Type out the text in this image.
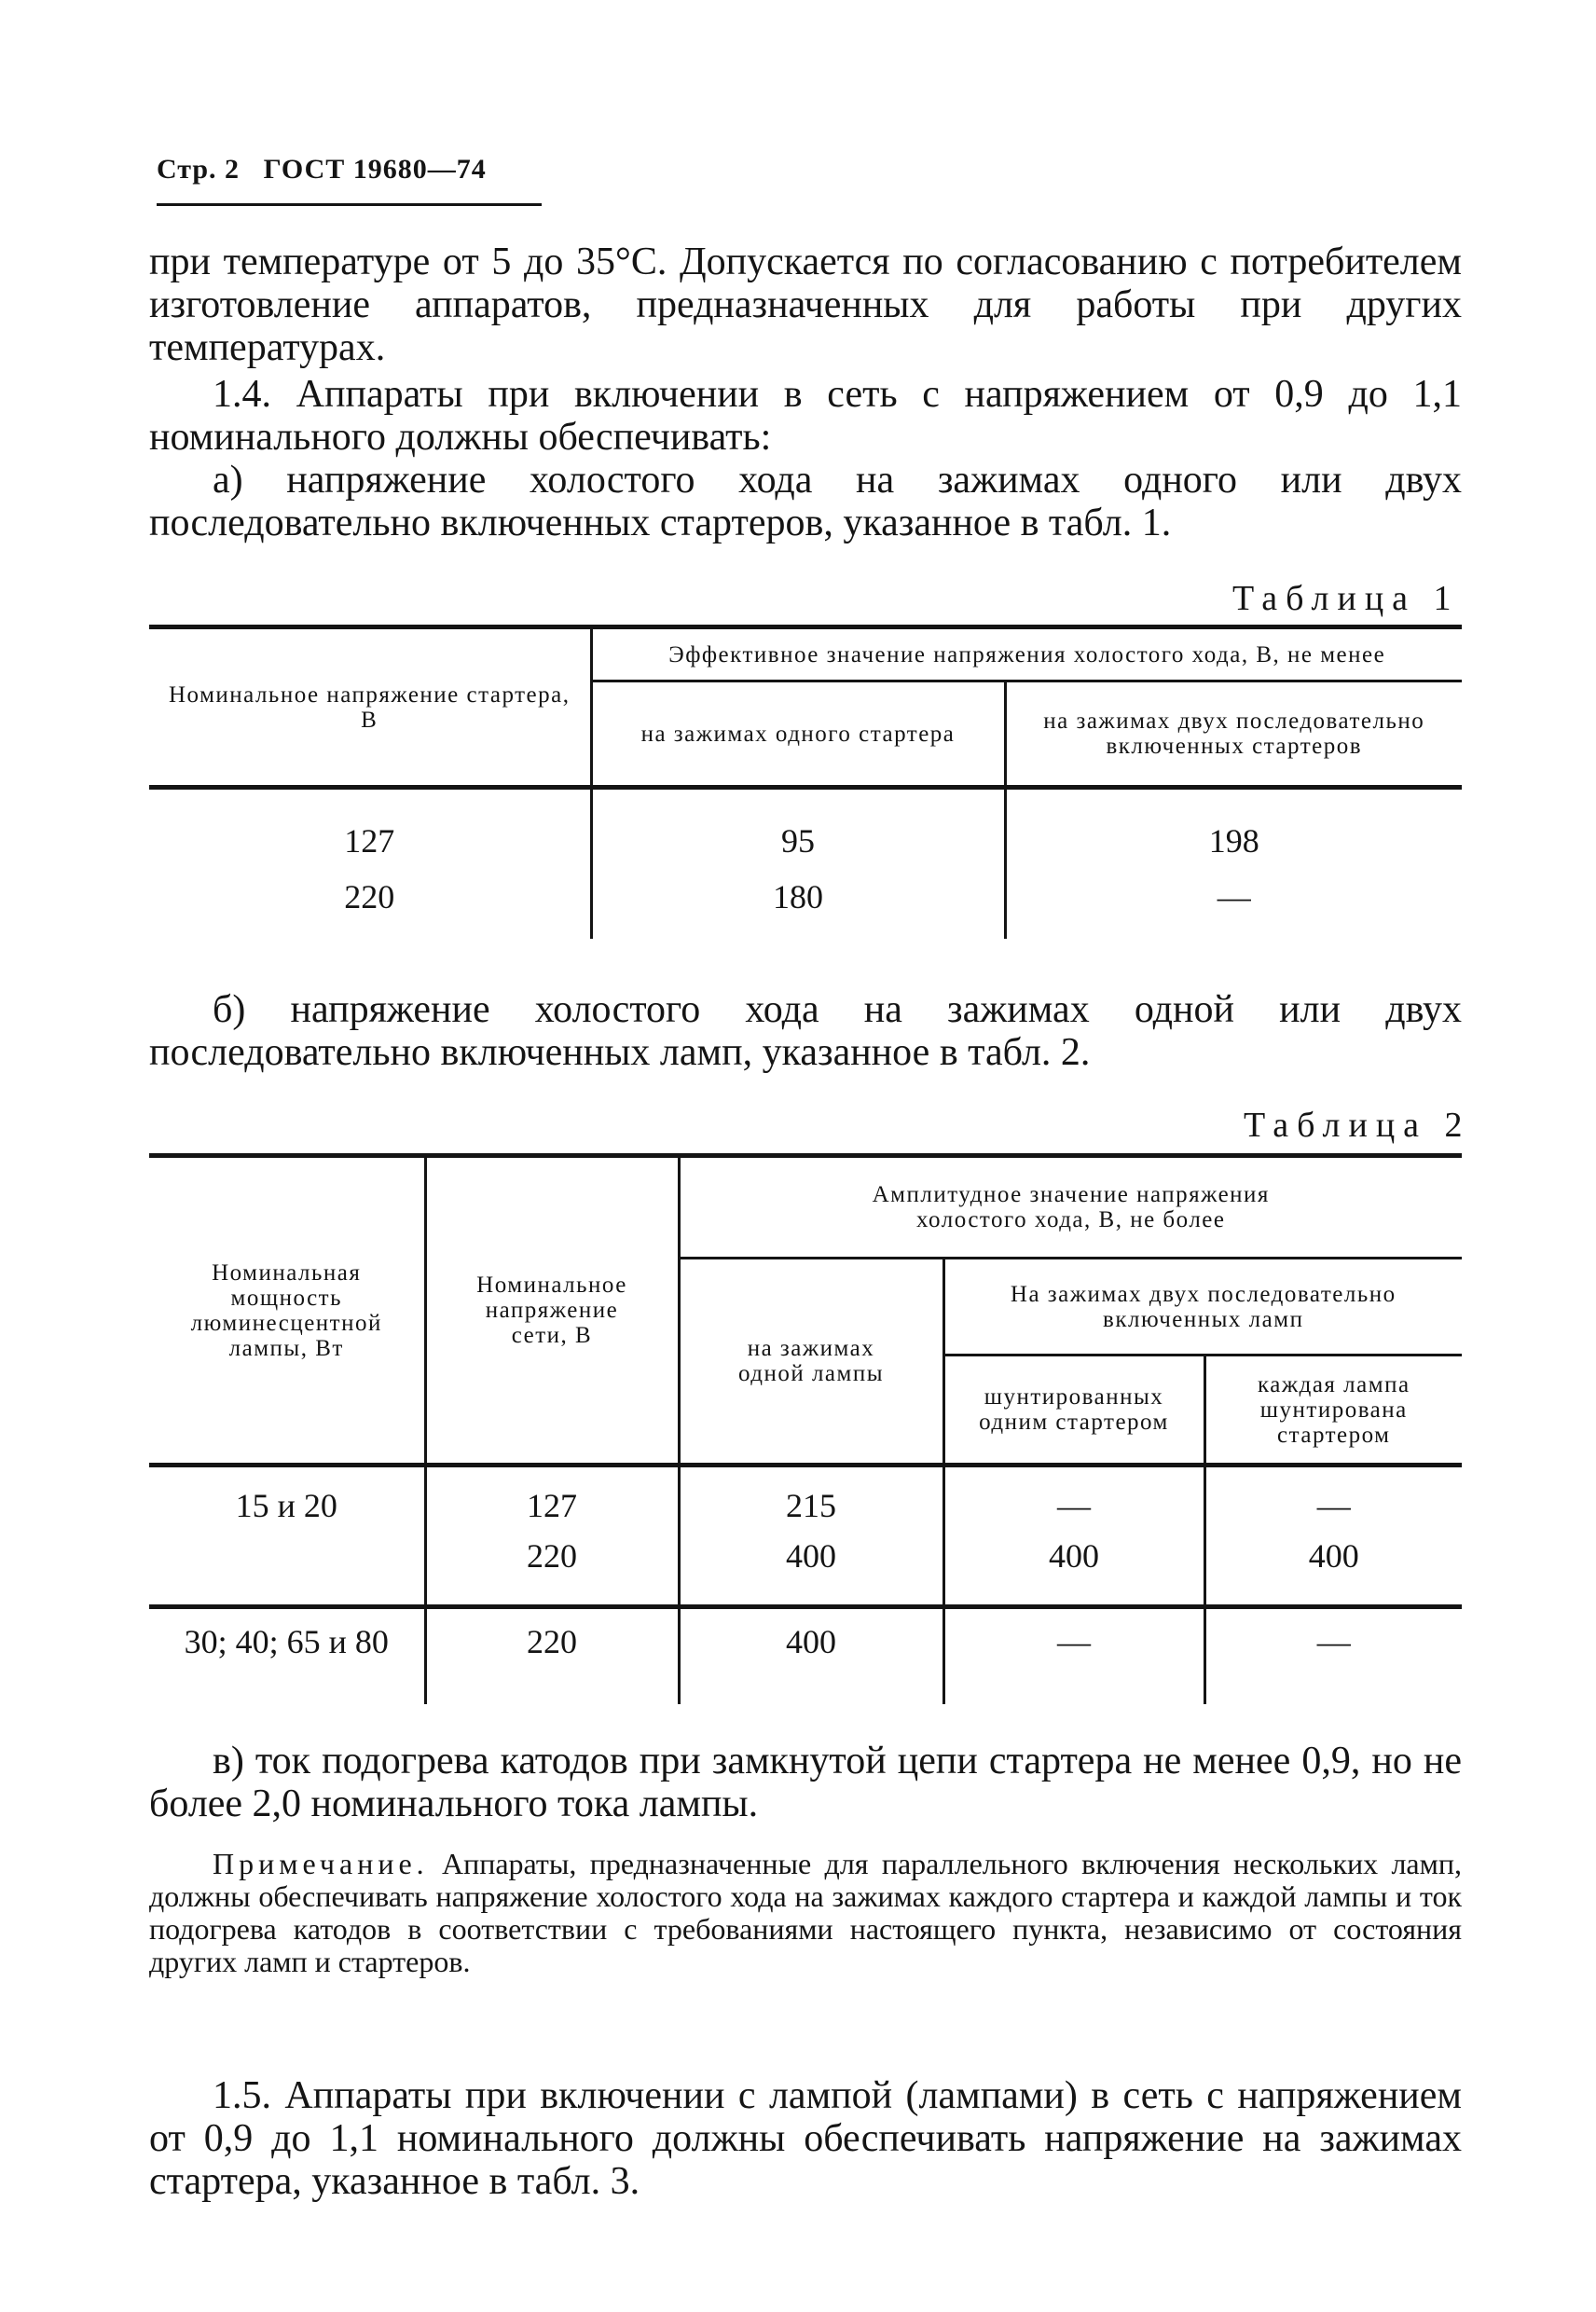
Стр. 2 ГОСТ 19680—74
при температуре от 5 до 35°С. Допускается по согласованию с потребителем изготовление аппаратов, предназначенных для работы при других температурах.
1.4. Аппараты при включении в сеть с напряжением от 0,9 до 1,1 номинального должны обеспечивать:
а) напряжение холостого хода на зажимах одного или двух последовательно включенных стартеров, указанное в табл. 1.
Таблица 1
Номинальное напряжение стартера, В	Эффективное значение напряжения холостого хода, В, не менее	
	на зажимах одного стартера	на зажимах двух последовательно включенных стартеров
127	95	198
220	180	—
б) напряжение холостого хода на зажимах одной или двух последовательно включенных ламп, указанное в табл. 2.
Таблица 2
Номинальная мощность люминесцентной лампы, Вт	Номинальное напряжение сети, В	Амплитудное значение напряжения холостого хода, В, не более		
		на зажимах одной лампы	На зажимах двух последовательно включенных ламп	
			шунтированных одним стартером	каждая лампа шунтирована стартером
15 и 20	127	215	—	—
	220	400	400	400
30; 40; 65 и 80	220	400	—	—
в) ток подогрева катодов при замкнутой цепи стартера не менее 0,9, но не более 2,0 номинального тока лампы.
Примечание. Аппараты, предназначенные для параллельного включения нескольких ламп, должны обеспечивать напряжение холостого хода на зажимах каждого стартера и каждой лампы и ток подогрева катодов в соответствии с требованиями настоящего пункта, независимо от состояния других ламп и стартеров.
1.5. Аппараты при включении с лампой (лампами) в сеть с напряжением от 0,9 до 1,1 номинального должны обеспечивать напряжение на зажимах стартера, указанное в табл. 3.
